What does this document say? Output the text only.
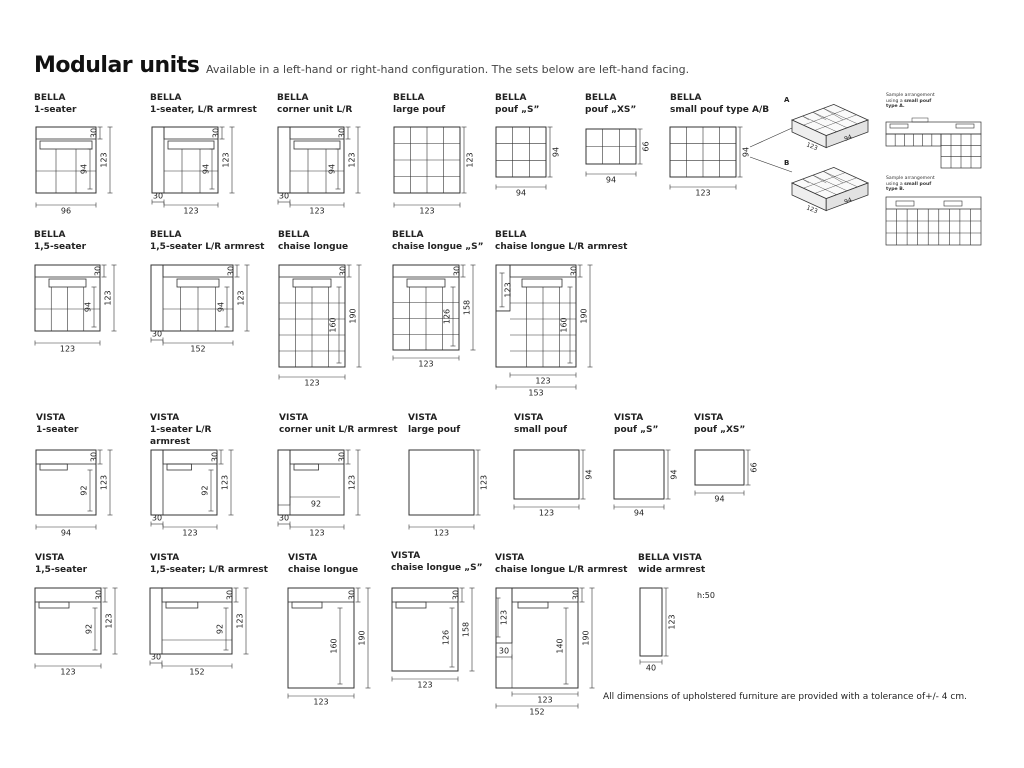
Modular units Available in a left-hand or right-hand configuration. The sets below are left-hand facing.
BELLA
1-seater
BELLA
1-seater, L/R armrest
BELLA
corner unit L/R
BELLA
large pouf
BELLA
pouf „S”
BELLA
pouf „XS”
BELLA
small pouf type A/B
BELLA
1,5-seater
BELLA
1,5-seater L/R armrest
BELLA
chaise longue
BELLA
chaise longue „S”
BELLA
chaise longue L/R armrest
VISTA
1-seater
VISTA
1-seater L/R
armrest
VISTA
corner unit L/R armrest
VISTA
large pouf
VISTA
small pouf
VISTA
pouf „S”
VISTA
pouf „XS”
VISTA
1,5-seater
VISTA
1,5-seater; L/R armrest
VISTA
chaise longue
VISTA
chaise longue „S”
VISTA
chaise longue L/R armrest
BELLA VISTA
wide armrest
Sample arrangement
using a small pouf
type A.
Sample arrangement
using a small pouf
type B.
All dimensions of upholstered furniture are provided with a tolerance of+/- 4 cm.
30
94
123
96
30
94
123
30
123
30
94
123
30
123
123
123
94
94
66
94
94
123
A
123
94
B
123
94
30
94
123
123
30
94
123
30
152
30
160
190
123
30
126
158
123
30
123
160
190
123
153
30
92
123
94
30
92
123
30
123
92
30
123
30
123
123
123
94
123
94
94
66
94
30
92
123
123
30
92
123
30
152
30
160
190
123
30
126
158
123
30
123
140
190
30
123
152
123
40
h:50
